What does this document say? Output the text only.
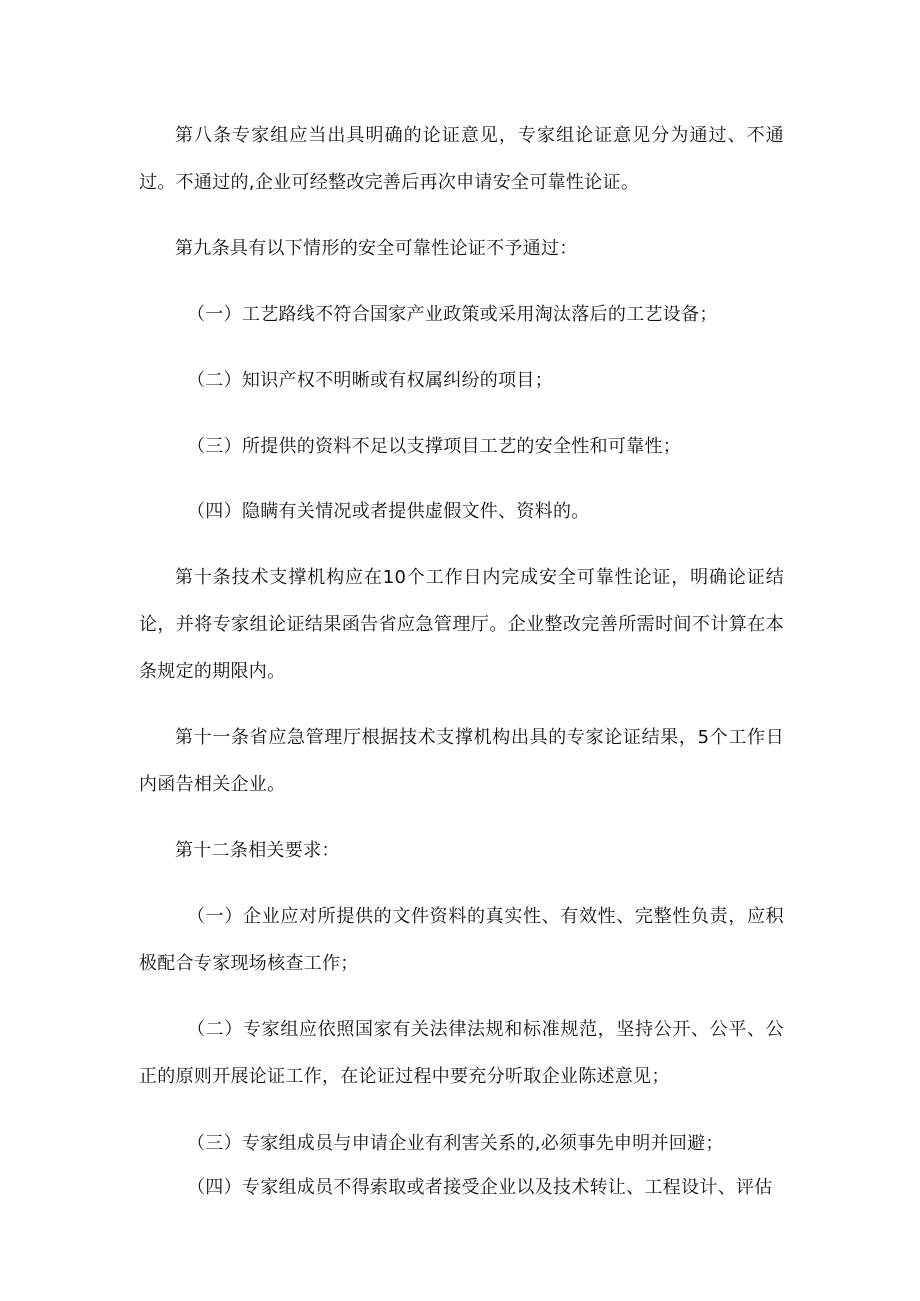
第八条专家组应当出具明确的论证意见，专家组论证意见分为通过、不通过。不通过的,企业可经整改完善后再次申请安全可靠性论证。

第九条具有以下情形的安全可靠性论证不予通过：

（一）工艺路线不符合国家产业政策或采用淘汰落后的工艺设备；

（二）知识产权不明晰或有权属纠纷的项目；

（三）所提供的资料不足以支撑项目工艺的安全性和可靠性；

（四）隐瞒有关情况或者提供虚假文件、资料的。

第十条技术支撑机构应在10个工作日内完成安全可靠性论证，明确论证结论，并将专家组论证结果函告省应急管理厅。企业整改完善所需时间不计算在本条规定的期限内。

第十一条省应急管理厅根据技术支撑机构出具的专家论证结果，5个工作日内函告相关企业。

第十二条相关要求：

（一）企业应对所提供的文件资料的真实性、有效性、完整性负责，应积极配合专家现场核查工作；

（二）专家组应依照国家有关法律法规和标准规范，坚持公开、公平、公正的原则开展论证工作，在论证过程中要充分听取企业陈述意见；

（三）专家组成员与申请企业有利害关系的,必须事先申明并回避；

（四）专家组成员不得索取或者接受企业以及技术转让、工程设计、评估
